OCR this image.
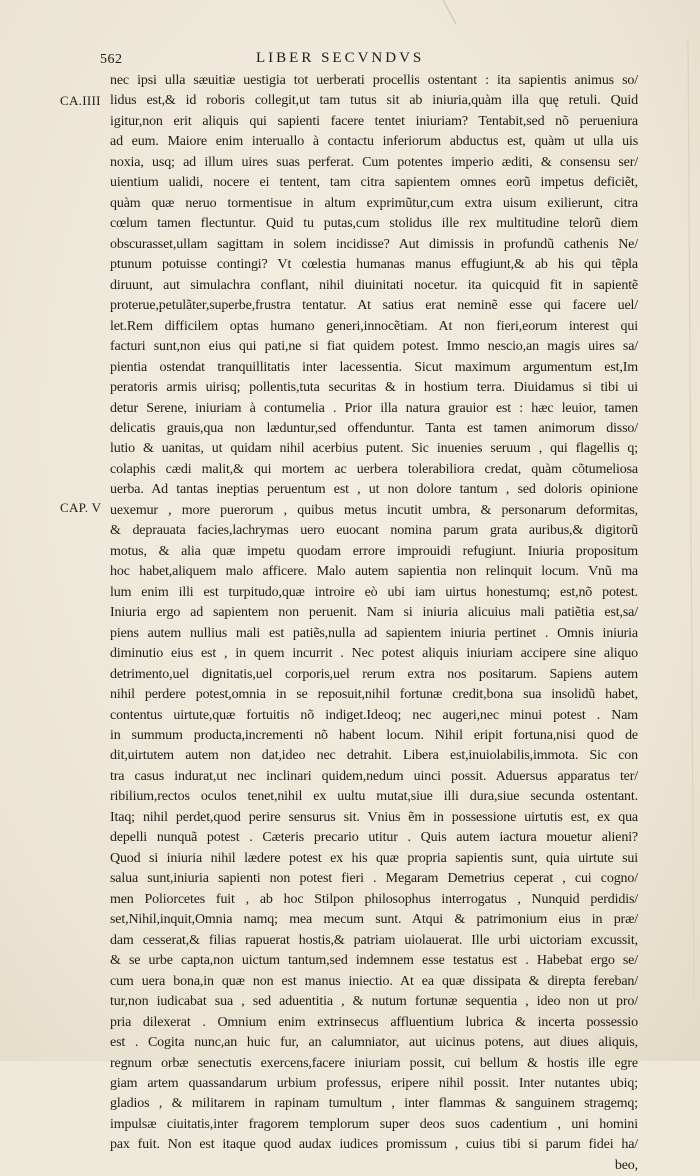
562	LIBER SECVNDVS
CA.IIII
CAP. V
nec ipsi ulla sæuitiæ uestigia tot uerberati procellis ostentant : ita sapientis animus so/
lidus est,& id roboris collegit,ut tam tutus sit ab iniuria,quàm illa quę retuli. Quid
igitur,non erit aliquis qui sapienti facere tentet iniuriam? Tentabit,sed nõ perueniura
ad eum. Maiore enim interuallo à contactu inferiorum abductus est, quàm ut ulla uis
noxia, usq; ad illum uires suas perferat. Cum potentes imperio æditi, & consensu ser/
uientium ualidi, nocere ei tentent, tam citra sapientem omnes eorũ impetus deficiẽt,
quàm quæ neruo tormentisue in altum exprimũtur,cum extra uisum exilierunt, citra
cœlum tamen flectuntur. Quid tu putas,cum stolidus ille rex multitudine telorũ diem
obscurasset,ullam sagittam in solem incidisse? Aut dimissis in profundũ cathenis Ne/
ptunum potuisse contingi? Vt cœlestia humanas manus effugiunt,& ab his qui tẽpla
diruunt, aut simulachra conflant, nihil diuinitati nocetur. ita quicquid fit in sapientẽ
proterue,petulãter,superbe,frustra tentatur. At satius erat neminẽ esse qui facere uel/
let.Rem difficilem optas humano generi,innocẽtiam. At non fieri,eorum interest qui
facturi sunt,non eius qui pati,ne si fiat quidem potest. Immo nescio,an magis uires sa/
pientia ostendat tranquillitatis inter lacessentia. Sicut maximum argumentum est,Im
peratoris armis uirisq; pollentis,tuta securitas & in hostium terra. Diuidamus si tibi ui
detur Serene, iniuriam à contumelia . Prior illa natura grauior est : hæc leuior, tamen
delicatis grauis,qua non læduntur,sed offenduntur. Tanta est tamen animorum disso/
lutio & uanitas, ut quidam nihil acerbius putent. Sic inuenies seruum , qui flagellis q;
colaphis cædi malit,& qui mortem ac uerbera tolerabiliora credat, quàm cõtumeliosa
uerba. Ad tantas ineptias peruentum est , ut non dolore tantum , sed doloris opinione
uexemur , more puerorum , quibus metus incutit umbra, & personarum deformitas,
& deprauata facies,lachrymas uero euocant nomina parum grata auribus,& digitorũ
motus, & alia quæ impetu quodam errore improuidi refugiunt. Iniuria propositum
hoc habet,aliquem malo afficere. Malo autem sapientia non relinquit locum. Vnũ ma
lum enim illi est turpitudo,quæ introire eò ubi iam uirtus honestumq; est,nõ potest.
Iniuria ergo ad sapientem non peruenit. Nam si iniuria alicuius mali patiẽtia est,sa/
piens autem nullius mali est patiẽs,nulla ad sapientem iniuria pertinet . Omnis iniuria
diminutio eius est , in quem incurrit . Nec potest aliquis iniuriam accipere sine aliquo
detrimento,uel dignitatis,uel corporis,uel rerum extra nos positarum. Sapiens autem
nihil perdere potest,omnia in se reposuit,nihil fortunæ credit,bona sua insolidũ habet,
contentus uirtute,quæ fortuitis nõ indiget.Ideoq; nec augeri,nec minui potest . Nam
in summum producta,incrementi nõ habent locum. Nihil eripit fortuna,nisi quod de
dit,uirtutem autem non dat,ideo nec detrahit. Libera est,inuiolabilis,immota. Sic con
tra casus indurat,ut nec inclinari quidem,nedum uinci possit. Aduersus apparatus ter/
ribilium,rectos oculos tenet,nihil ex uultu mutat,siue illi dura,siue secunda ostentant.
Itaq; nihil perdet,quod perire sensurus sit. Vnius ẽm in possessione uirtutis est, ex qua
depelli nunquã potest . Cæteris precario utitur . Quis autem iactura mouetur alieni?
Quod si iniuria nihil lædere potest ex his quæ propria sapientis sunt, quia uirtute sui
salua sunt,iniuria sapienti non potest fieri . Megaram Demetrius ceperat , cui cogno/
men Poliorcetes fuit , ab hoc Stilpon philosophus interrogatus , Nunquid perdidis/
set,Nihil,inquit,Omnia namq; mea mecum sunt. Atqui & patrimonium eius in præ/
dam cesserat,& filias rapuerat hostis,& patriam uiolauerat. Ille urbi uictoriam excussit,
& se urbe capta,non uictum tantum,sed indemnem esse testatus est . Habebat ergo se/
cum uera bona,in quæ non est manus iniectio. At ea quæ dissipata & direpta fereban/
tur,non iudicabat sua , sed aduentitia , & nutum fortunæ sequentia , ideo non ut pro/
pria dilexerat . Omnium enim extrinsecus affluentium lubrica & incerta possessio
est . Cogita nunc,an huic fur, an calumniator, aut uicinus potens, aut diues aliquis,
regnum orbæ senectutis exercens,facere iniuriam possit, cui bellum & hostis ille egre
giam artem quassandarum urbium professus, eripere nihil possit. Inter nutantes ubiq;
gladios , & militarem in rapinam tumultum , inter flammas & sanguinem stragemq;
impulsæ ciuitatis,inter fragorem templorum super deos suos cadentium , uni homini
pax fuit. Non est itaque quod audax iudices promissum , cuius tibi si parum fidei ha/
beo,
